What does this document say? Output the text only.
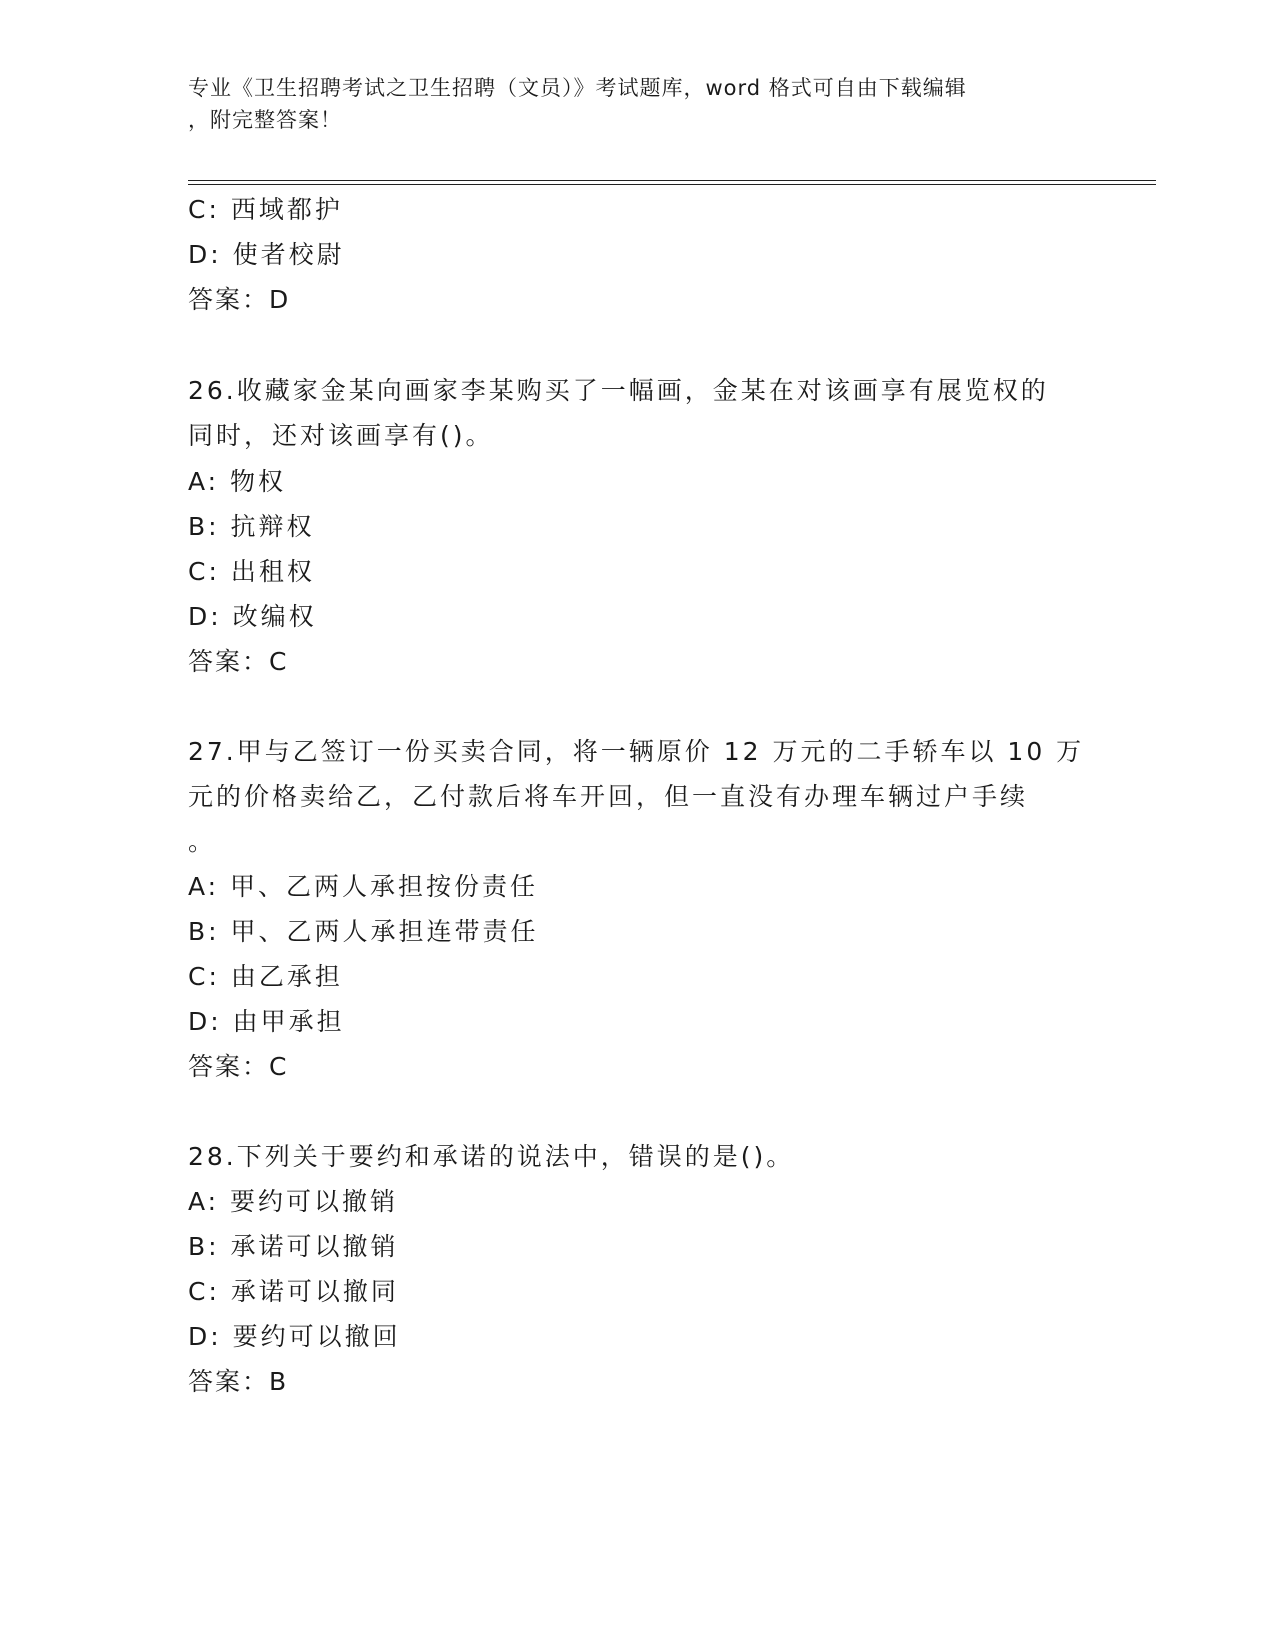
专业《卫生招聘考试之卫生招聘（文员）》考试题库，word 格式可自由下载编辑
，附完整答案！
C: 西域都护
D: 使者校尉
答案：D
26.收藏家金某向画家李某购买了一幅画，金某在对该画享有展览权的
同时，还对该画享有()。
A: 物权
B: 抗辩权
C: 出租权
D: 改编权
答案：C
27.甲与乙签订一份买卖合同，将一辆原价 12 万元的二手轿车以 10 万
元的价格卖给乙，乙付款后将车开回，但一直没有办理车辆过户手续
。
A: 甲、乙两人承担按份责任
B: 甲、乙两人承担连带责任
C: 由乙承担
D: 由甲承担
答案：C
28.下列关于要约和承诺的说法中，错误的是()。
A: 要约可以撤销
B: 承诺可以撤销
C: 承诺可以撤同
D: 要约可以撤回
答案：B
